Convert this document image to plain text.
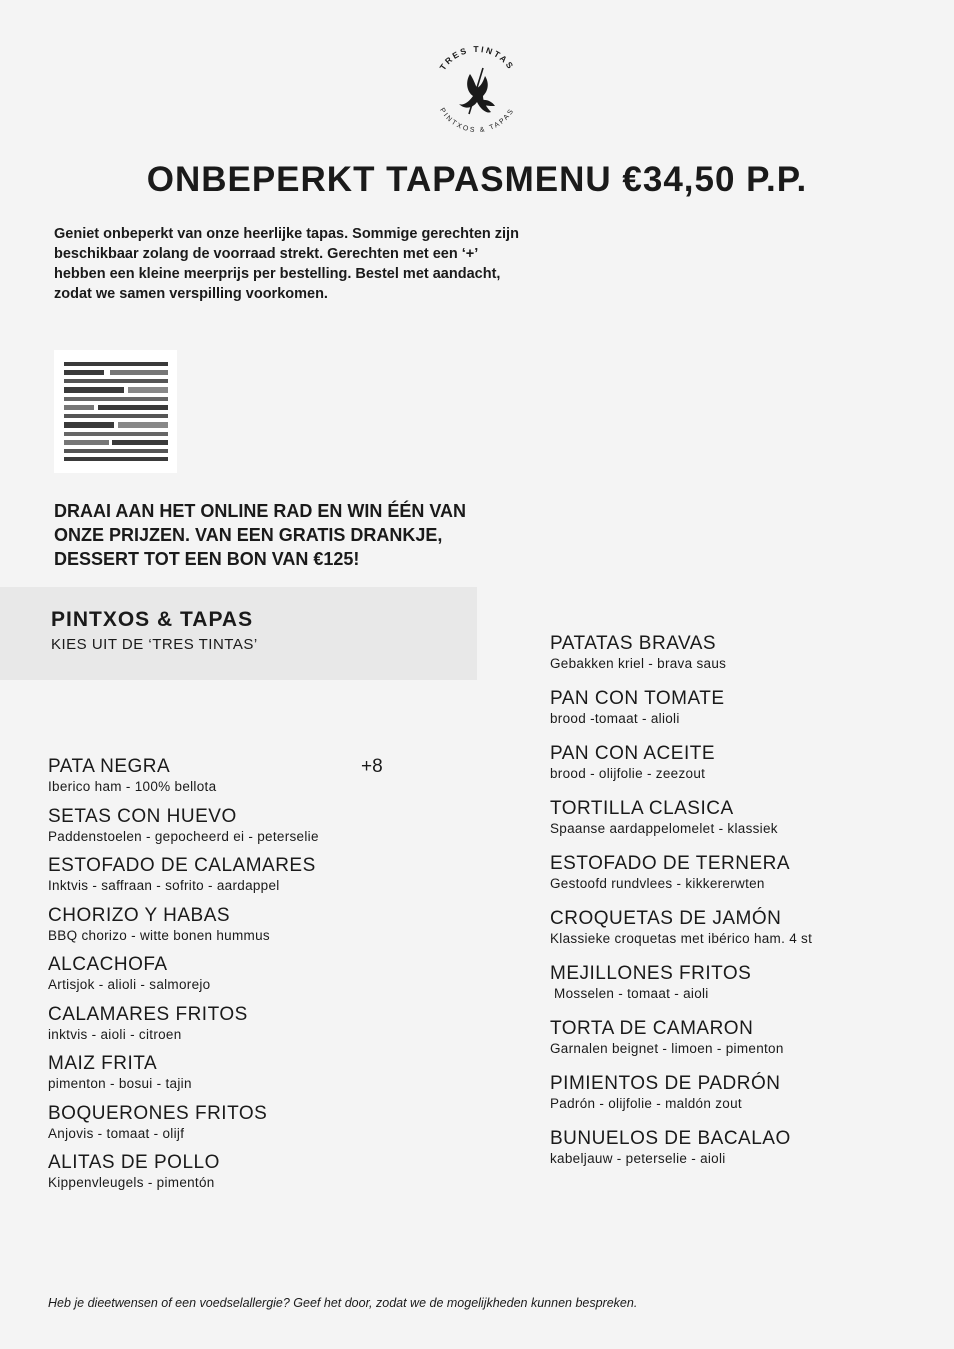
TRES TINTAS
PINTXOS & TAPAS
ONBEPERKT TAPASMENU €34,50 P.P.
Geniet onbeperkt van onze heerlijke tapas. Sommige gerechten zijn beschikbaar zolang de voorraad strekt. Gerechten met een ‘+’ hebben een kleine meerprijs per bestelling. Bestel met aandacht, zodat we samen verspilling voorkomen.
DRAAI AAN HET ONLINE RAD EN WIN ÉÉN VAN ONZE PRIJZEN. VAN EEN GRATIS DRANKJE, DESSERT TOT EEN BON VAN €125!
PINTXOS & TAPAS
KIES UIT DE ‘TRES TINTAS’
PATA NEGRA	+8
Iberico ham - 100% bellota
SETAS CON HUEVO
Paddenstoelen - gepocheerd ei - peterselie
ESTOFADO DE CALAMARES
Inktvis - saffraan - sofrito - aardappel
CHORIZO Y HABAS
BBQ chorizo - witte bonen hummus
ALCACHOFA
Artisjok - alioli - salmorejo
CALAMARES FRITOS
inktvis - aioli - citroen
MAIZ FRITA
pimenton - bosui - tajin
BOQUERONES FRITOS
Anjovis - tomaat - olijf
ALITAS DE POLLO
Kippenvleugels - pimentón
PATATAS BRAVAS
Gebakken kriel - brava saus
PAN CON TOMATE
brood -tomaat - alioli
PAN CON ACEITE
brood - olijfolie - zeezout
TORTILLA CLASICA
Spaanse aardappelomelet - klassiek
ESTOFADO DE TERNERA
Gestoofd rundvlees - kikkererwten
CROQUETAS DE JAMÓN
Klassieke croquetas met ibérico ham. 4 st
MEJILLONES FRITOS
Mosselen - tomaat - aioli
TORTA DE CAMARON
Garnalen beignet - limoen - pimenton
PIMIENTOS DE PADRÓN
Padrón - olijfolie - maldón zout
BUNUELOS DE BACALAO
kabeljauw - peterselie - aioli
Heb je dieetwensen of een voedselallergie? Geef het door, zodat we de mogelijkheden kunnen bespreken.
